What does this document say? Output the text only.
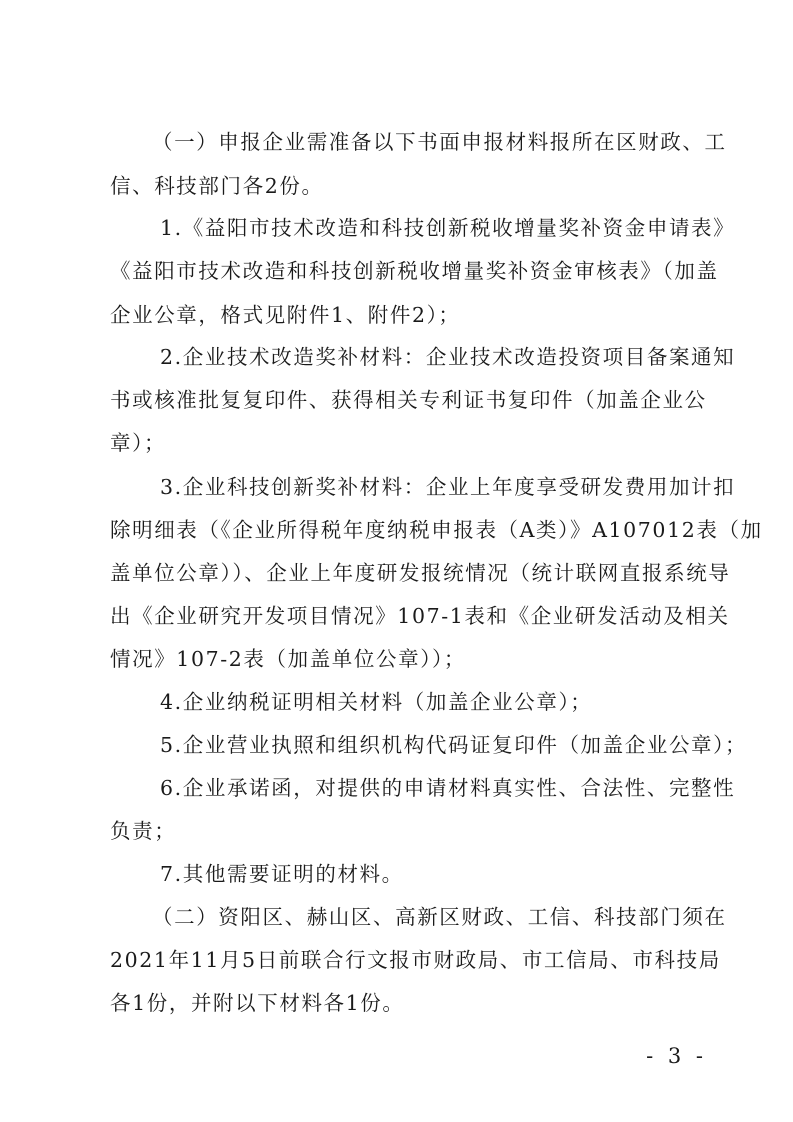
（一）申报企业需准备以下书面申报材料报所在区财政、工
信、科技部门各2份。
1.《益阳市技术改造和科技创新税收增量奖补资金申请表》
《益阳市技术改造和科技创新税收增量奖补资金审核表》（加盖
企业公章，格式见附件1、附件2）；
2.企业技术改造奖补材料：企业技术改造投资项目备案通知
书或核准批复复印件、获得相关专利证书复印件（加盖企业公
章）；
3.企业科技创新奖补材料：企业上年度享受研发费用加计扣
除明细表（《企业所得税年度纳税申报表（A类）》A107012表（加
盖单位公章））、企业上年度研发报统情况（统计联网直报系统导
出《企业研究开发项目情况》107-1表和《企业研发活动及相关
情况》107-2表（加盖单位公章））；
4.企业纳税证明相关材料（加盖企业公章）；
5.企业营业执照和组织机构代码证复印件（加盖企业公章）；
6.企业承诺函，对提供的申请材料真实性、合法性、完整性
负责；
7.其他需要证明的材料。
（二）资阳区、赫山区、高新区财政、工信、科技部门须在
2021年11月5日前联合行文报市财政局、市工信局、市科技局
各1份，并附以下材料各1份。
- 3 -
